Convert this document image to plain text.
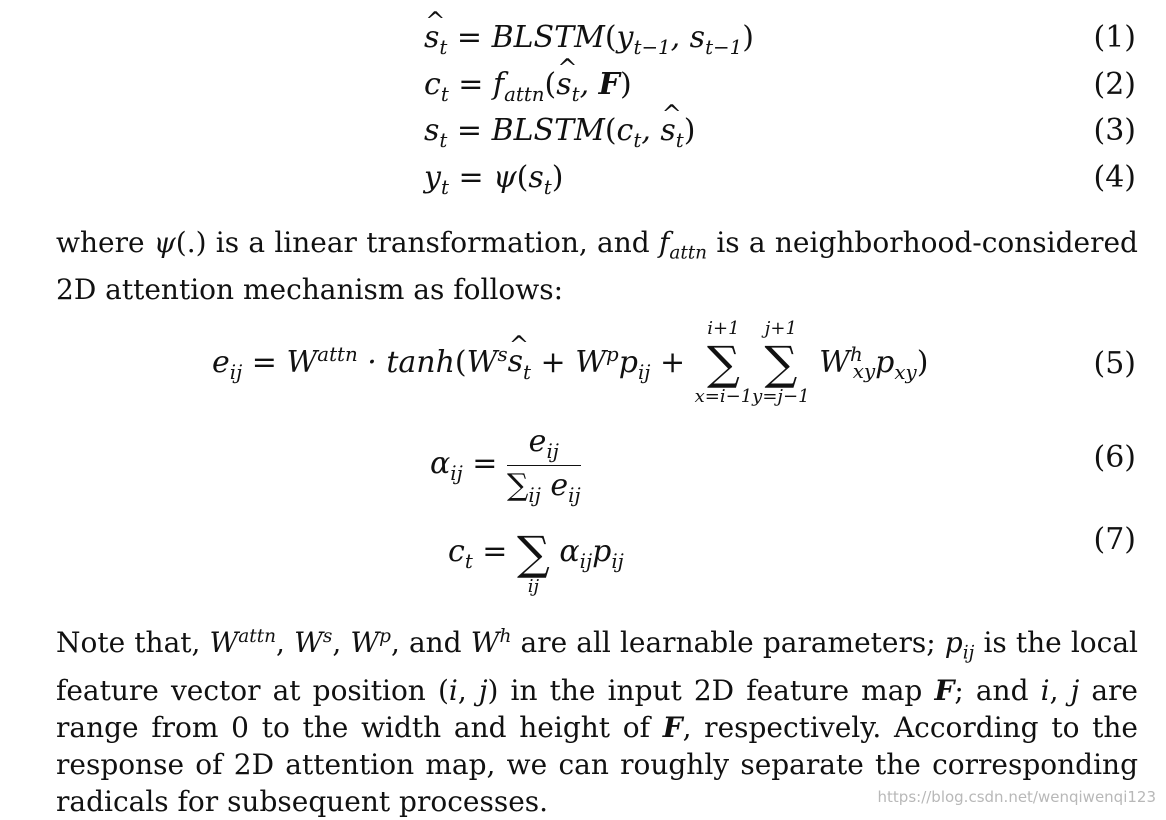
^ $s_t$ = $BLSTM(y_{t-1}$, $s_{t-1}$)	(1)
$c_t$ = $f_{attn}(\^{}$ $s_t$, F)	(2)
$s_t$ = $BLSTM(c_t$, ^ $s_t$)	(3)
$y_t = \psi(s_t)$	(4)
where ψ(.) is a linear transformation, and $f_{attn}$ is a neighborhood-considered 2D attention mechanism as follows:
$e_{ij} = W^{attn}$ · $\tanh(W^s\^{}$ $s_t + W^pp_{ij}$ +
i+1
∑
x=i−1
j+1
∑
y=j−1
$W^h_{xy}p_{xy}$)	(5)
$\alpha_{ij} = \frac{e_{ij}}{\sum_{ij} e_{ij}}$	(6)
$c_t$ =
∑
ij
$\alpha_{ij}p_{ij}$
(7)
Note that, $W^{attn}$, $W^s$, $W^p$, and $W^h$ are all learnable parameters; $p_{ij}$ is the local feature vector at position (i, j) in the input 2D feature map F; and i, j are range from 0 to the width and height of F, respectively. According to the response of 2D attention map, we can roughly separate the corresponding radicals for subsequent processes.	https://blog.csdn.net/wenqiwenqi123
